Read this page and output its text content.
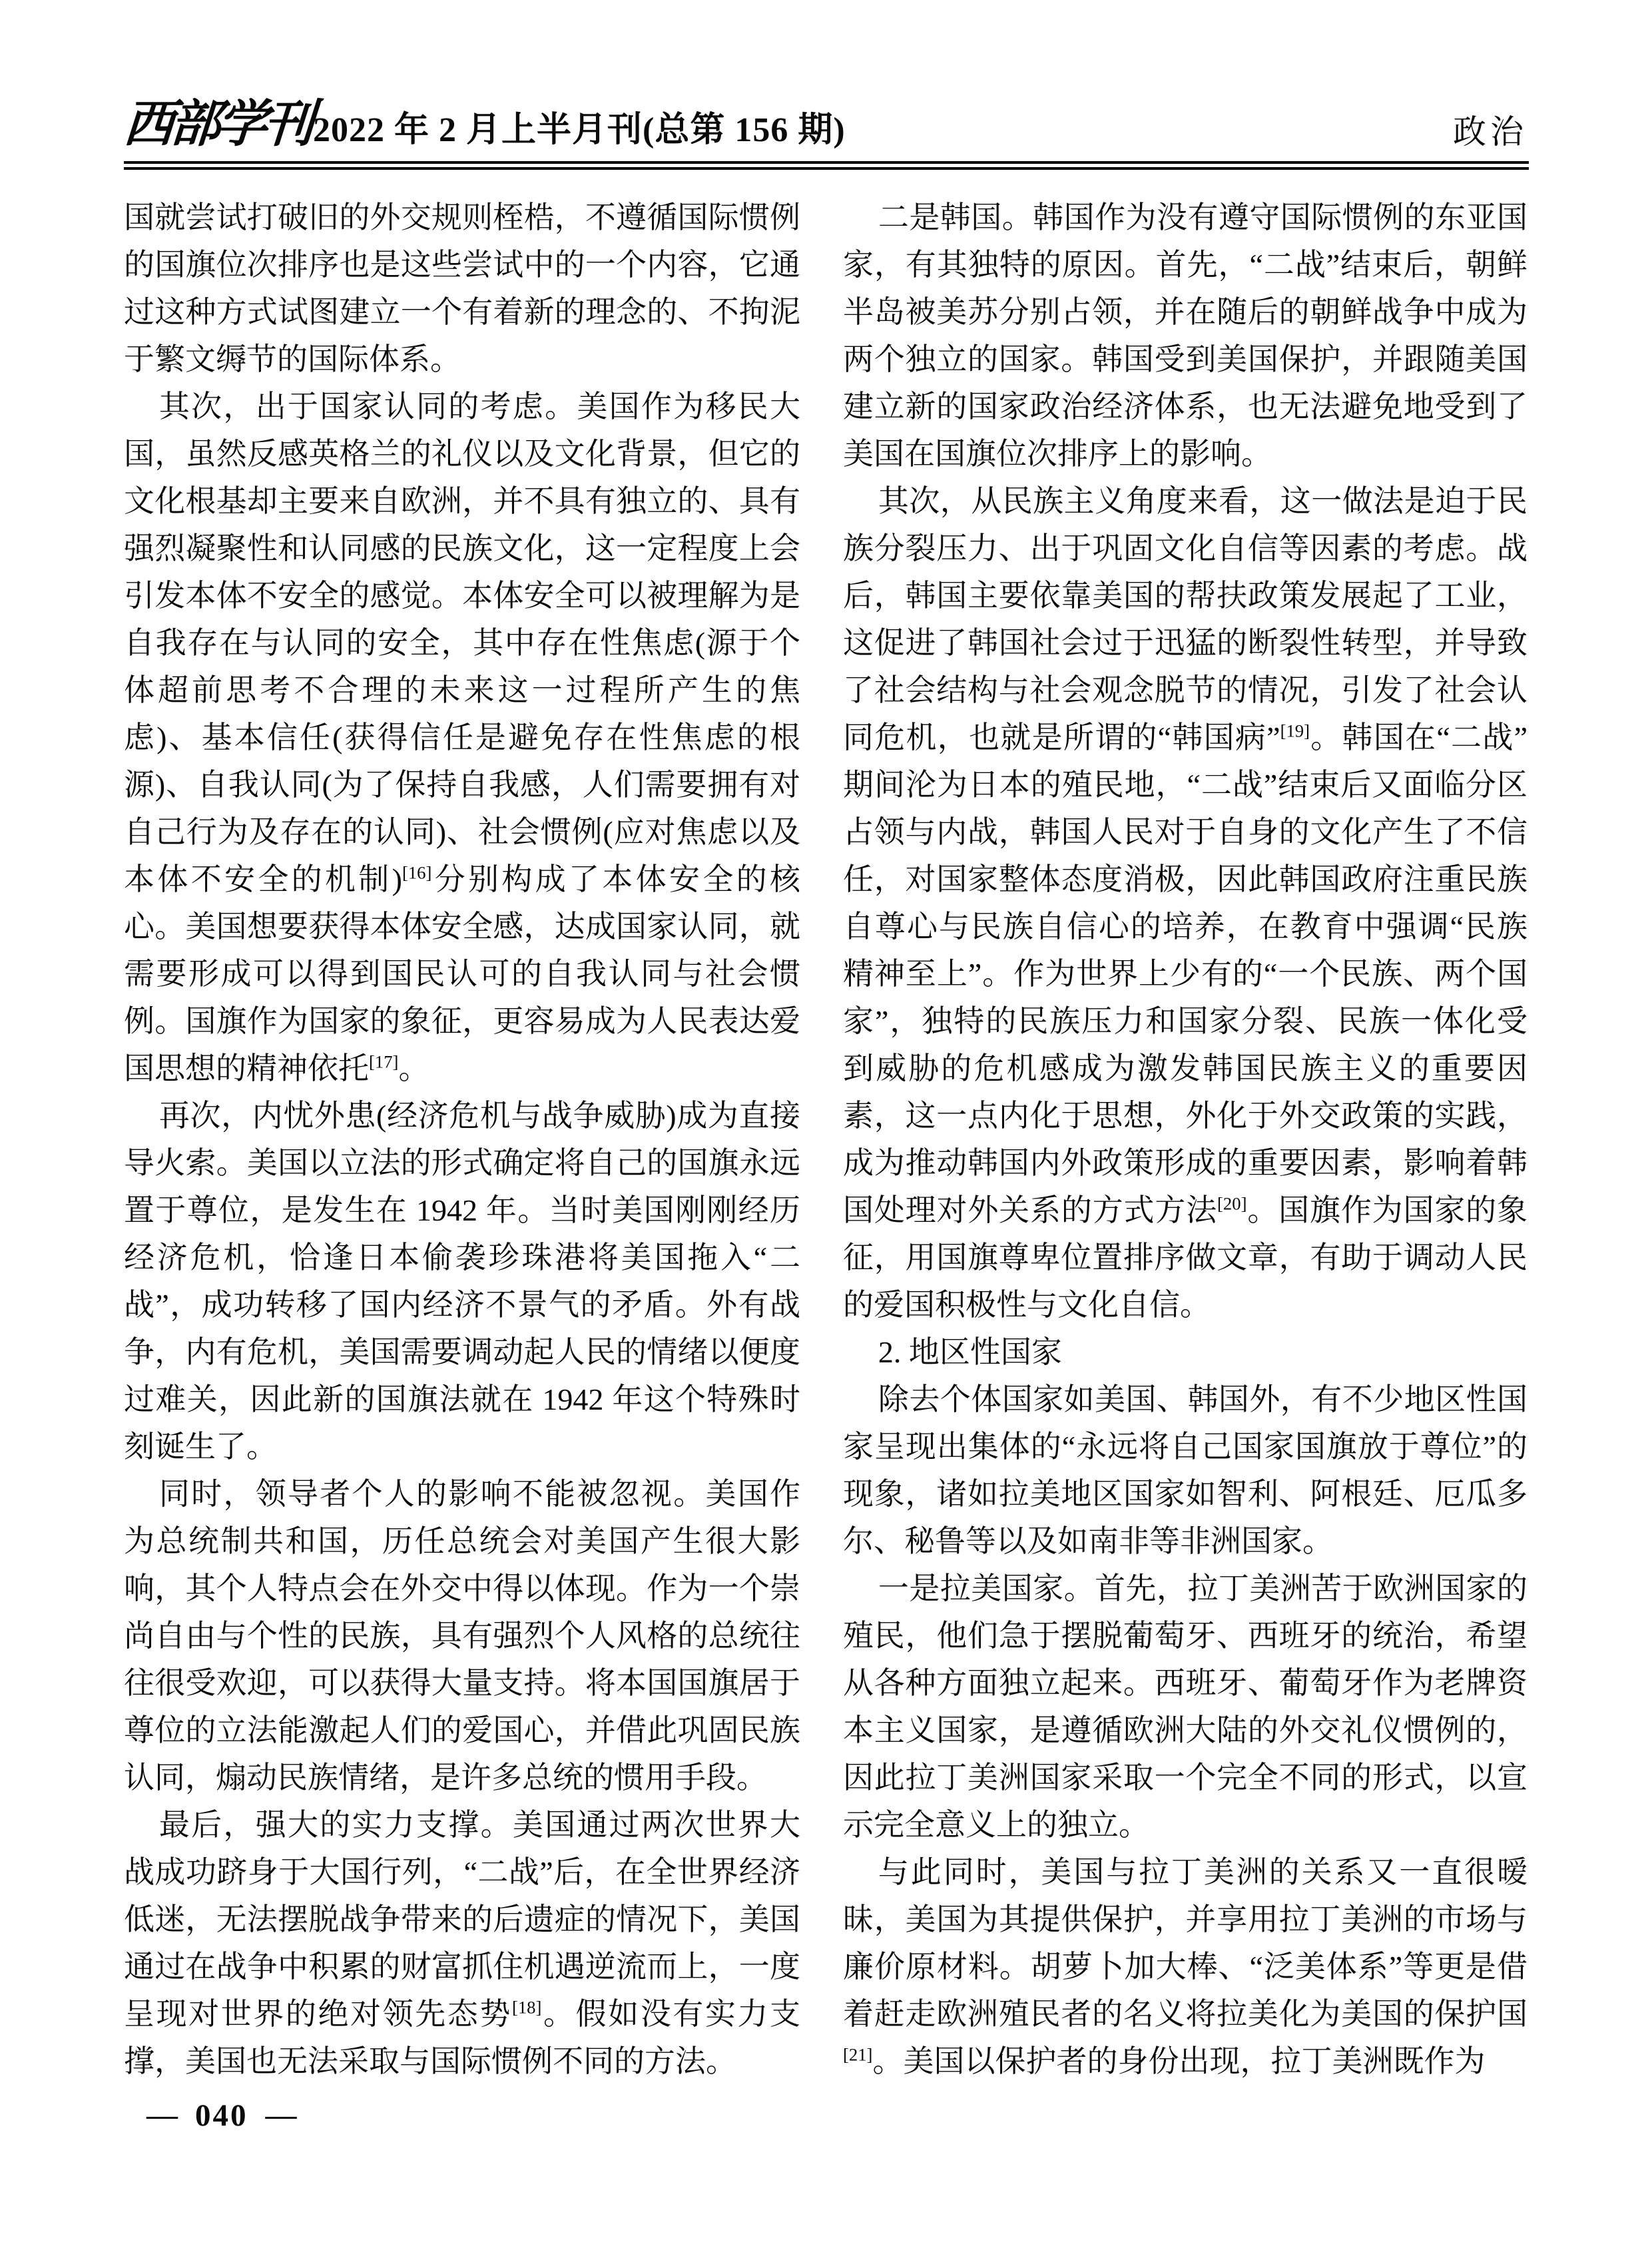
西部学刊 2022 年 2 月上半月刊(总第 156 期)	政治

国就尝试打破旧的外交规则桎梏，不遵循国际惯例的国旗位次排序也是这些尝试中的一个内容，它通过这种方式试图建立一个有着新的理念的、不拘泥于繁文缛节的国际体系。

其次，出于国家认同的考虑。美国作为移民大国，虽然反感英格兰的礼仪以及文化背景，但它的文化根基却主要来自欧洲，并不具有独立的、具有强烈凝聚性和认同感的民族文化，这一定程度上会引发本体不安全的感觉。本体安全可以被理解为是自我存在与认同的安全，其中存在性焦虑(源于个体超前思考不合理的未来这一过程所产生的焦虑)、基本信任(获得信任是避免存在性焦虑的根源)、自我认同(为了保持自我感，人们需要拥有对自己行为及存在的认同)、社会惯例(应对焦虑以及本体不安全的机制)[16]分别构成了本体安全的核心。美国想要获得本体安全感，达成国家认同，就需要形成可以得到国民认可的自我认同与社会惯例。国旗作为国家的象征，更容易成为人民表达爱国思想的精神依托[17]。

再次，内忧外患(经济危机与战争威胁)成为直接导火索。美国以立法的形式确定将自己的国旗永远置于尊位，是发生在 1942 年。当时美国刚刚经历经济危机，恰逢日本偷袭珍珠港将美国拖入“二战”，成功转移了国内经济不景气的矛盾。外有战争，内有危机，美国需要调动起人民的情绪以便度过难关，因此新的国旗法就在 1942 年这个特殊时刻诞生了。

同时，领导者个人的影响不能被忽视。美国作为总统制共和国，历任总统会对美国产生很大影响，其个人特点会在外交中得以体现。作为一个崇尚自由与个性的民族，具有强烈个人风格的总统往往很受欢迎，可以获得大量支持。将本国国旗居于尊位的立法能激起人们的爱国心，并借此巩固民族认同，煽动民族情绪，是许多总统的惯用手段。

最后，强大的实力支撑。美国通过两次世界大战成功跻身于大国行列，“二战”后，在全世界经济低迷，无法摆脱战争带来的后遗症的情况下，美国通过在战争中积累的财富抓住机遇逆流而上，一度呈现对世界的绝对领先态势[18]。假如没有实力支撑，美国也无法采取与国际惯例不同的方法。

二是韩国。韩国作为没有遵守国际惯例的东亚国家，有其独特的原因。首先，“二战”结束后，朝鲜半岛被美苏分别占领，并在随后的朝鲜战争中成为两个独立的国家。韩国受到美国保护，并跟随美国建立新的国家政治经济体系，也无法避免地受到了美国在国旗位次排序上的影响。

其次，从民族主义角度来看，这一做法是迫于民族分裂压力、出于巩固文化自信等因素的考虑。战后，韩国主要依靠美国的帮扶政策发展起了工业，这促进了韩国社会过于迅猛的断裂性转型，并导致了社会结构与社会观念脱节的情况，引发了社会认同危机，也就是所谓的“韩国病”[19]。韩国在“二战”期间沦为日本的殖民地，“二战”结束后又面临分区占领与内战，韩国人民对于自身的文化产生了不信任，对国家整体态度消极，因此韩国政府注重民族自尊心与民族自信心的培养，在教育中强调“民族精神至上”。作为世界上少有的“一个民族、两个国家”，独特的民族压力和国家分裂、民族一体化受到威胁的危机感成为激发韩国民族主义的重要因素，这一点内化于思想，外化于外交政策的实践，成为推动韩国内外政策形成的重要因素，影响着韩国处理对外关系的方式方法[20]。国旗作为国家的象征，用国旗尊卑位置排序做文章，有助于调动人民的爱国积极性与文化自信。

2. 地区性国家

除去个体国家如美国、韩国外，有不少地区性国家呈现出集体的“永远将自己国家国旗放于尊位”的现象，诸如拉美地区国家如智利、阿根廷、厄瓜多尔、秘鲁等以及如南非等非洲国家。

一是拉美国家。首先，拉丁美洲苦于欧洲国家的殖民，他们急于摆脱葡萄牙、西班牙的统治，希望从各种方面独立起来。西班牙、葡萄牙作为老牌资本主义国家，是遵循欧洲大陆的外交礼仪惯例的，因此拉丁美洲国家采取一个完全不同的形式，以宣示完全意义上的独立。

与此同时，美国与拉丁美洲的关系又一直很暧昧，美国为其提供保护，并享用拉丁美洲的市场与廉价原材料。胡萝卜加大棒、“泛美体系”等更是借着赶走欧洲殖民者的名义将拉美化为美国的保护国[21]。美国以保护者的身份出现，拉丁美洲既作为

— 040 —
